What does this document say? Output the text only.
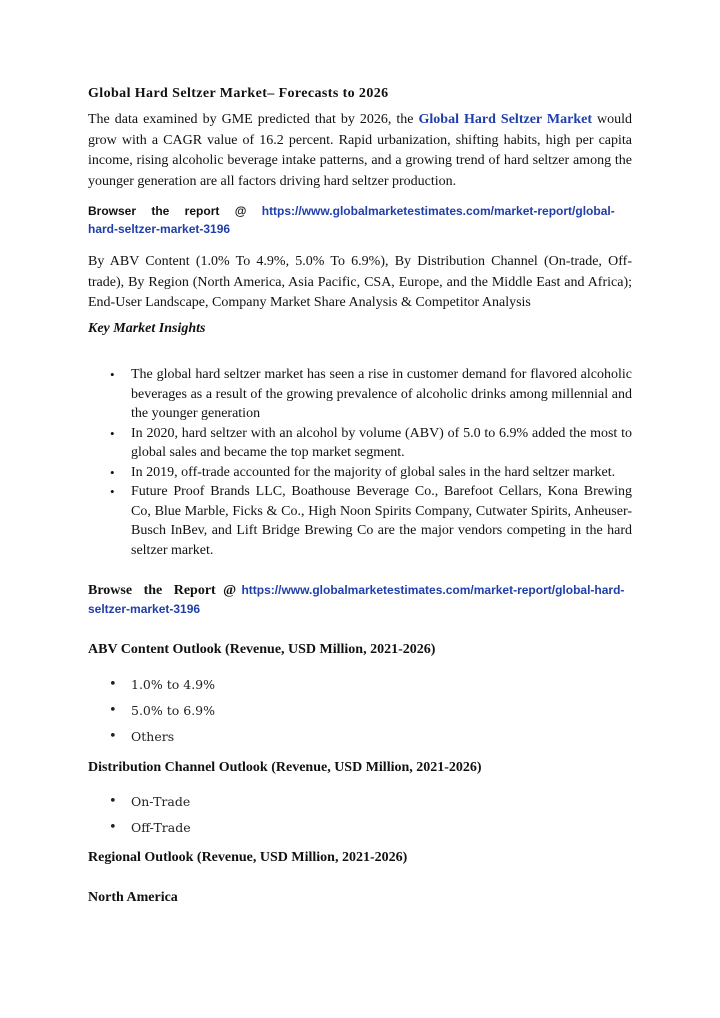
Global Hard Seltzer Market– Forecasts to 2026
The data examined by GME predicted that by 2026, the Global Hard Seltzer Market would grow with a CAGR value of 16.2 percent. Rapid urbanization, shifting habits, high per capita income, rising alcoholic beverage intake patterns, and a growing trend of hard seltzer among the younger generation are all factors driving hard seltzer production.
Browser the report @ https://www.globalmarketestimates.com/market-report/global-hard-seltzer-market-3196
By ABV Content (1.0% To 4.9%, 5.0% To 6.9%), By Distribution Channel (On-trade, Off-trade), By Region (North America, Asia Pacific, CSA, Europe, and the Middle East and Africa); End-User Landscape, Company Market Share Analysis & Competitor Analysis
Key Market Insights
• The global hard seltzer market has seen a rise in customer demand for flavored alcoholic beverages as a result of the growing prevalence of alcoholic drinks among millennial and the younger generation
• In 2020, hard seltzer with an alcohol by volume (ABV) of 5.0 to 6.9% added the most to global sales and became the top market segment.
• In 2019, off-trade accounted for the majority of global sales in the hard seltzer market.
• Future Proof Brands LLC, Boathouse Beverage Co., Barefoot Cellars, Kona Brewing Co, Blue Marble, Ficks & Co., High Noon Spirits Company, Cutwater Spirits, Anheuser-Busch InBev, and Lift Bridge Brewing Co are the major vendors competing in the hard seltzer market.
Browse the Report @ https://www.globalmarketestimates.com/market-report/global-hard-seltzer-market-3196
ABV Content Outlook (Revenue, USD Million, 2021-2026)
• 1.0% to 4.9%
• 5.0% to 6.9%
• Others
Distribution Channel Outlook (Revenue, USD Million, 2021-2026)
• On-Trade
• Off-Trade
Regional Outlook (Revenue, USD Million, 2021-2026)
North America
